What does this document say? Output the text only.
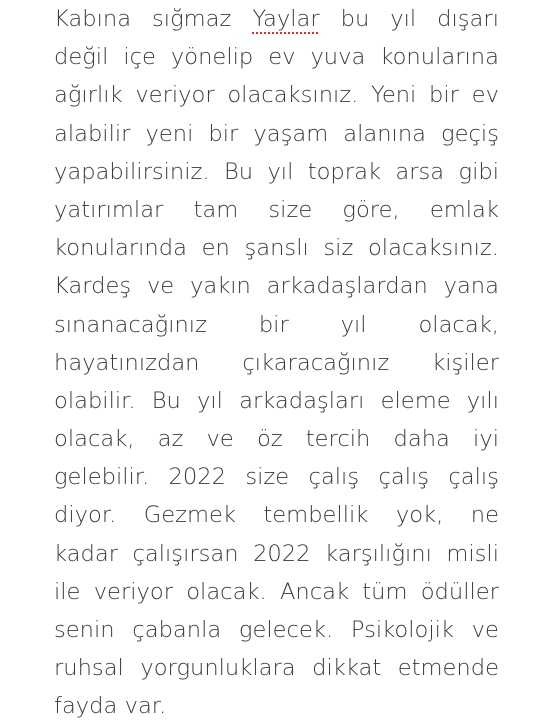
Kabına sığmaz Yaylar bu yıl dışarı
değil içe yönelip ev yuva konularına
ağırlık veriyor olacaksınız. Yeni bir ev
alabilir yeni bir yaşam alanına geçiş
yapabilirsiniz. Bu yıl toprak arsa gibi
yatırımlar tam size göre, emlak
konularında en şanslı siz olacaksınız.
Kardeş ve yakın arkadaşlardan yana
sınanacağınız bir yıl olacak,
hayatınızdan çıkaracağınız kişiler
olabilir. Bu yıl arkadaşları eleme yılı
olacak, az ve öz tercih daha iyi
gelebilir. 2022 size çalış çalış çalış
diyor. Gezmek tembellik yok, ne
kadar çalışırsan 2022 karşılığını misli
ile veriyor olacak. Ancak tüm ödüller
senin çabanla gelecek. Psikolojik ve
ruhsal yorgunluklara dikkat etmende
fayda var.
